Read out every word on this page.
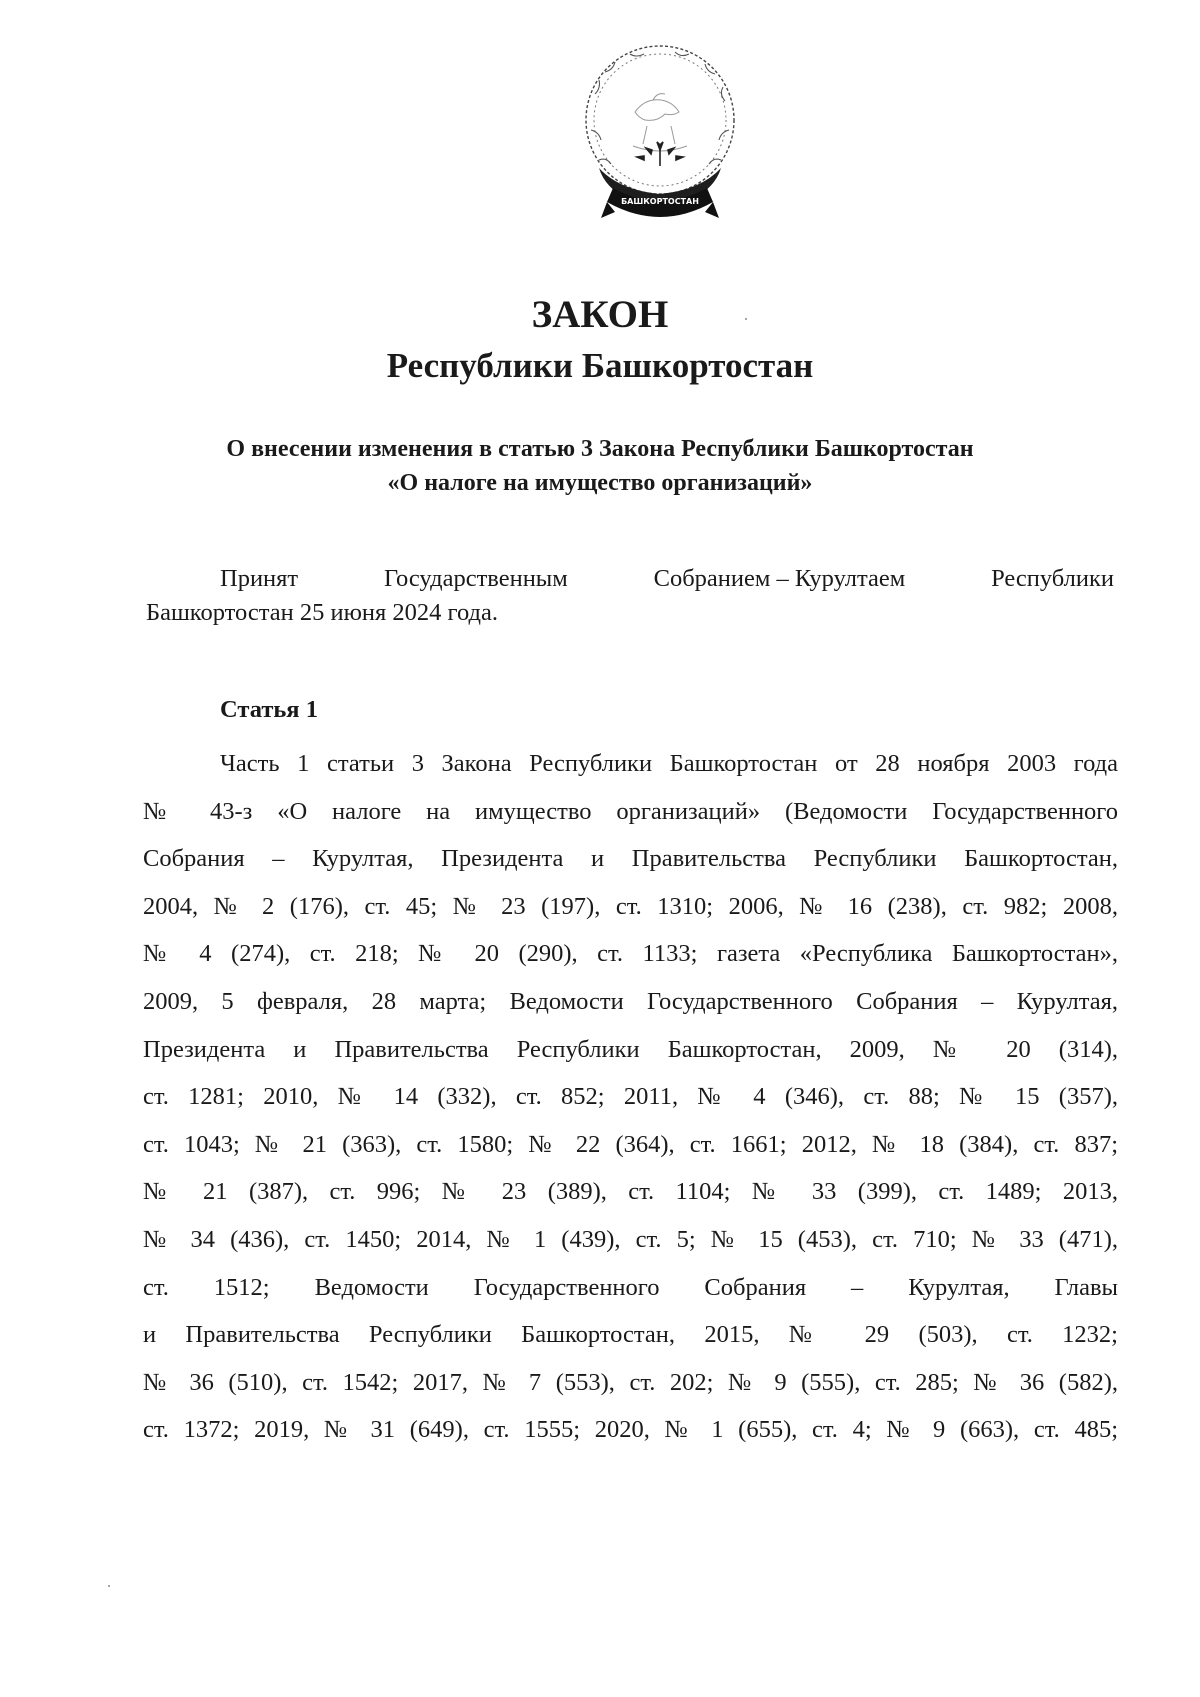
БАШКОРТОСТАН
ЗАКОН
Республики Башкортостан
О внесении изменения в статью 3 Закона Республики Башкортостан
«О налоге на имущество организаций»
Принят	Государственным	Собранием – Курултаем	Республики
Башкортостан 25 июня 2024 года.
Статья 1
Часть 1 статьи 3 Закона Республики Башкортостан от 28 ноября 2003 года
№ 43-з «О налоге на имущество организаций» (Ведомости Государственного
Собрания – Курултая, Президента и Правительства Республики Башкортостан,
2004, № 2 (176), ст. 45; № 23 (197), ст. 1310; 2006, № 16 (238), ст. 982; 2008,
№ 4 (274), ст. 218; № 20 (290), ст. 1133; газета «Республика Башкортостан»,
2009, 5 февраля, 28 марта; Ведомости Государственного Собрания – Курултая,
Президента и Правительства Республики Башкортостан, 2009, № 20 (314),
ст. 1281; 2010, № 14 (332), ст. 852; 2011, № 4 (346), ст. 88; № 15 (357),
ст. 1043; № 21 (363), ст. 1580; № 22 (364), ст. 1661; 2012, № 18 (384), ст. 837;
№ 21 (387), ст. 996; № 23 (389), ст. 1104; № 33 (399), ст. 1489; 2013,
№ 34 (436), ст. 1450; 2014, № 1 (439), ст. 5; № 15 (453), ст. 710; № 33 (471),
ст. 1512; Ведомости Государственного Собрания – Курултая, Главы
и Правительства Республики Башкортостан, 2015, № 29 (503), ст. 1232;
№ 36 (510), ст. 1542; 2017, № 7 (553), ст. 202; № 9 (555), ст. 285; № 36 (582),
ст. 1372; 2019, № 31 (649), ст. 1555; 2020, № 1 (655), ст. 4; № 9 (663), ст. 485;
